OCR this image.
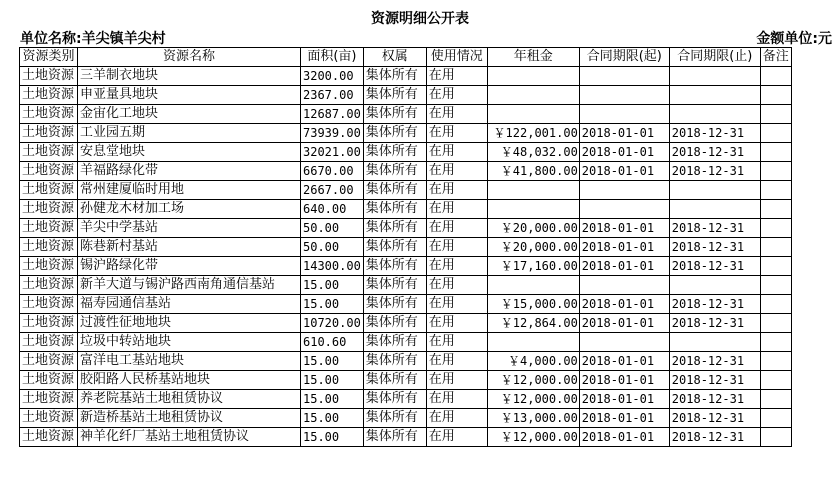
资源明细公开表
单位名称:羊尖镇羊尖村	金额单位:元
资源类别	资源名称	面积(亩)	权属	使用情况	年租金	合同期限(起)	合同期限(止)	备注
土地资源	三羊制衣地块	3200.00	集体所有	在用				
土地资源	申亚量具地块	2367.00	集体所有	在用				
土地资源	金宙化工地块	12687.00	集体所有	在用				
土地资源	工业园五期	73939.00	集体所有	在用	￥122,001.00	2018-01-01	2018-12-31	
土地资源	安息堂地块	32021.00	集体所有	在用	￥48,032.00	2018-01-01	2018-12-31	
土地资源	羊福路绿化带	6670.00	集体所有	在用	￥41,800.00	2018-01-01	2018-12-31	
土地资源	常州建厦临时用地	2667.00	集体所有	在用				
土地资源	孙健龙木材加工场	640.00	集体所有	在用				
土地资源	羊尖中学基站	50.00	集体所有	在用	￥20,000.00	2018-01-01	2018-12-31	
土地资源	陈巷新村基站	50.00	集体所有	在用	￥20,000.00	2018-01-01	2018-12-31	
土地资源	锡沪路绿化带	14300.00	集体所有	在用	￥17,160.00	2018-01-01	2018-12-31	
土地资源	新羊大道与锡沪路西南角通信基站	15.00	集体所有	在用				
土地资源	福寿园通信基站	15.00	集体所有	在用	￥15,000.00	2018-01-01	2018-12-31	
土地资源	过渡性征地地块	10720.00	集体所有	在用	￥12,864.00	2018-01-01	2018-12-31	
土地资源	垃圾中转站地块	610.60	集体所有	在用				
土地资源	富洋电工基站地块	15.00	集体所有	在用	￥4,000.00	2018-01-01	2018-12-31	
土地资源	胶阳路人民桥基站地块	15.00	集体所有	在用	￥12,000.00	2018-01-01	2018-12-31	
土地资源	养老院基站土地租赁协议	15.00	集体所有	在用	￥12,000.00	2018-01-01	2018-12-31	
土地资源	新造桥基站土地租赁协议	15.00	集体所有	在用	￥13,000.00	2018-01-01	2018-12-31	
土地资源	神羊化纤厂基站土地租赁协议	15.00	集体所有	在用	￥12,000.00	2018-01-01	2018-12-31	
